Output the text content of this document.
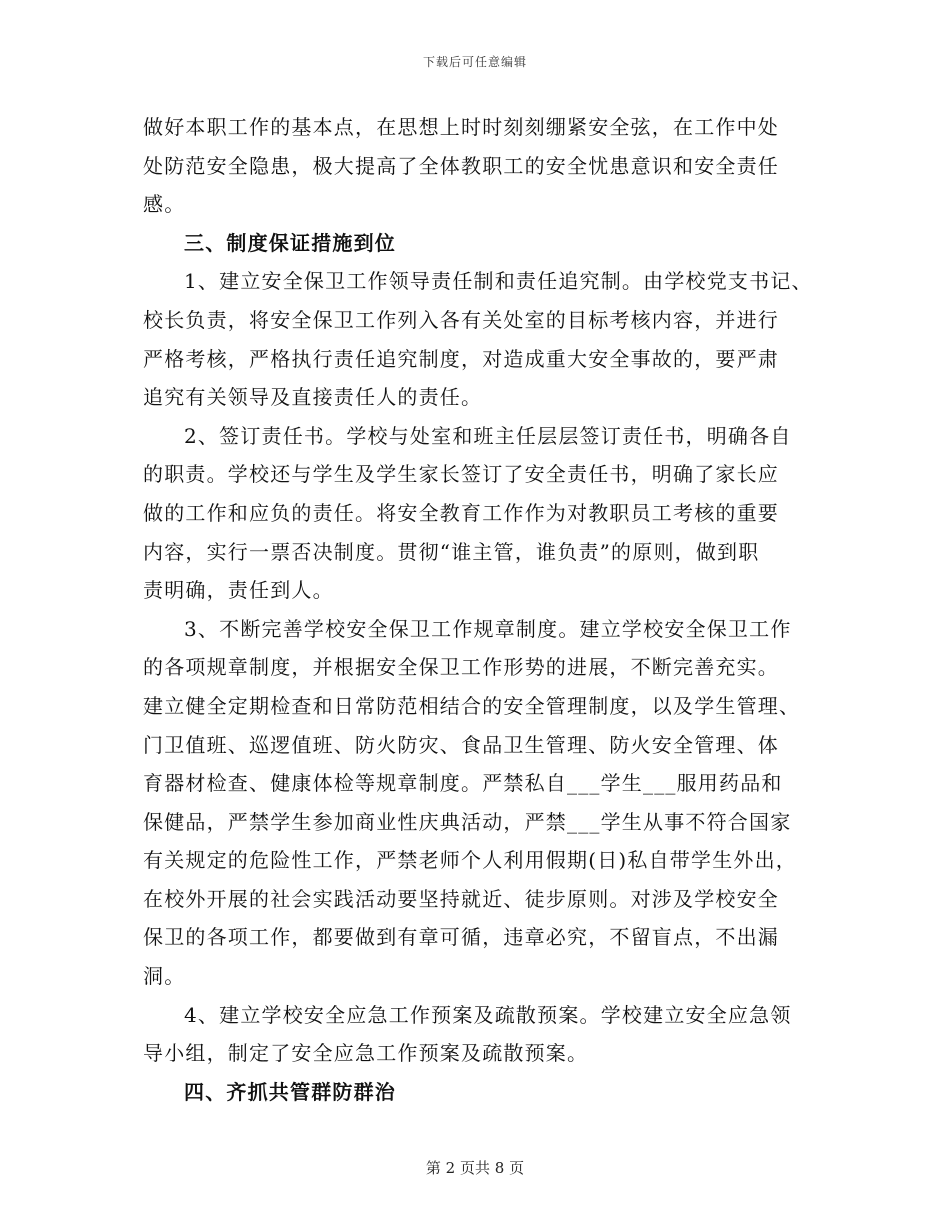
下载后可任意编辑
做好本职工作的基本点，在思想上时时刻刻绷紧安全弦，在工作中处
处防范安全隐患，极大提高了全体教职工的安全忧患意识和安全责任
感。
三、制度保证措施到位
1、建立安全保卫工作领导责任制和责任追究制。由学校党支书记、
校长负责，将安全保卫工作列入各有关处室的目标考核内容，并进行
严格考核，严格执行责任追究制度，对造成重大安全事故的，要严肃
追究有关领导及直接责任人的责任。
2、签订责任书。学校与处室和班主任层层签订责任书，明确各自
的职责。学校还与学生及学生家长签订了安全责任书，明确了家长应
做的工作和应负的责任。将安全教育工作作为对教职员工考核的重要
内容，实行一票否决制度。贯彻“谁主管，谁负责”的原则，做到职
责明确，责任到人。
3、不断完善学校安全保卫工作规章制度。建立学校安全保卫工作
的各项规章制度，并根据安全保卫工作形势的进展，不断完善充实。
建立健全定期检查和日常防范相结合的安全管理制度，以及学生管理、
门卫值班、巡逻值班、防火防灾、食品卫生管理、防火安全管理、体
育器材检查、健康体检等规章制度。严禁私自___学生___服用药品和
保健品，严禁学生参加商业性庆典活动，严禁___学生从事不符合国家
有关规定的危险性工作，严禁老师个人利用假期(日)私自带学生外出，
在校外开展的社会实践活动要坚持就近、徒步原则。对涉及学校安全
保卫的各项工作，都要做到有章可循，违章必究，不留盲点，不出漏
洞。
4、建立学校安全应急工作预案及疏散预案。学校建立安全应急领
导小组，制定了安全应急工作预案及疏散预案。
四、齐抓共管群防群治
第 2 页共 8 页
